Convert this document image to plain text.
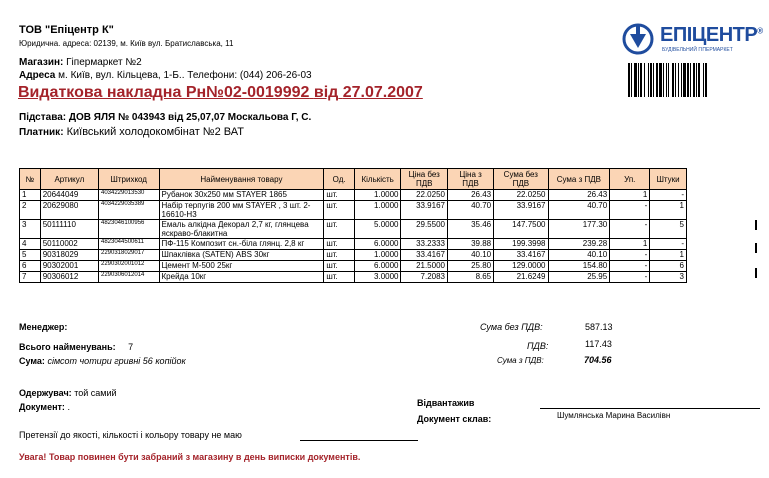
ТОВ "Епіцентр К"
Юридична. адреса: 02139, м. Київ вул. Братиславська, 11
Магазин: Гіпермаркет №2
Адреса м. Київ, вул. Кільцева, 1-Б.. Телефони: (044) 206-26-03
Видаткова накладна Рн№02-0019992 від 27.07.2007
Підстава: ДОВ ЯЛЯ № 043943 від 25,07,07 Москальова Г, С.
Платник: Київський холодокомбінат №2 ВАТ
ЕПІЦЕНТР®
БУДІВЕЛЬНИЙ ГІПЕРМАРКЕТ
№	Артикул	Штрихкод	Найменування товару	Од.	Кількість	Ціна без ПДВ	Ціна з ПДВ	Сума без ПДВ	Сума з ПДВ	Уп.	Штуки
1	20644049	4034229013530	Рубанок 30х250 мм STAYER 1865	шт.	1.0000	22.0250	26.43	22.0250	26.43	1	-
2	20629080	4034229035389	Набір терпугів 200 мм STAYER , 3 шт. 2-16610-Н3	шт.	1.0000	33.9167	40.70	33.9167	40.70	-	1
3	50111110	4823046100956	Емаль алкідна Декорал 2,7 кг, глянцева яскраво-блакитна	шт.	5.0000	29.5500	35.46	147.7500	177.30	-	5
4	50110002	4823044500611	ПФ-115 Композит сн.-біла глянц. 2,8 кг	шт.	6.0000	33.2333	39.88	199.3998	239.28	1	-
5	90318029	2290318029017	Шпаклівка (SATEN) ABS 30кг	шт.	1.0000	33.4167	40.10	33.4167	40.10	-	1
6	90302001	2290302001012	Цемент М-500 25кг	шт.	6.0000	21.5000	25.80	129.0000	154.80	-	6
7	90306012	2290306012014	Крейда 10кг	шт.	3.0000	7.2083	8.65	21.6249	25.95	-	3
Менеджер:
Всього найменувань: 7
Сума: сімсот чотири гривні 56 копійок
Сума без ПДВ:	587.13
ПДВ:	117.43
Сума з ПДВ:	704.56
Одержувач: той самий
Документ: .	Відвантажив
Документ склав:	Шумлянська Марина Василівн
Претензії до якості, кількості і кольору товару не маю
Увага! Товар повинен бути забраний з магазину в день виписки документів.
